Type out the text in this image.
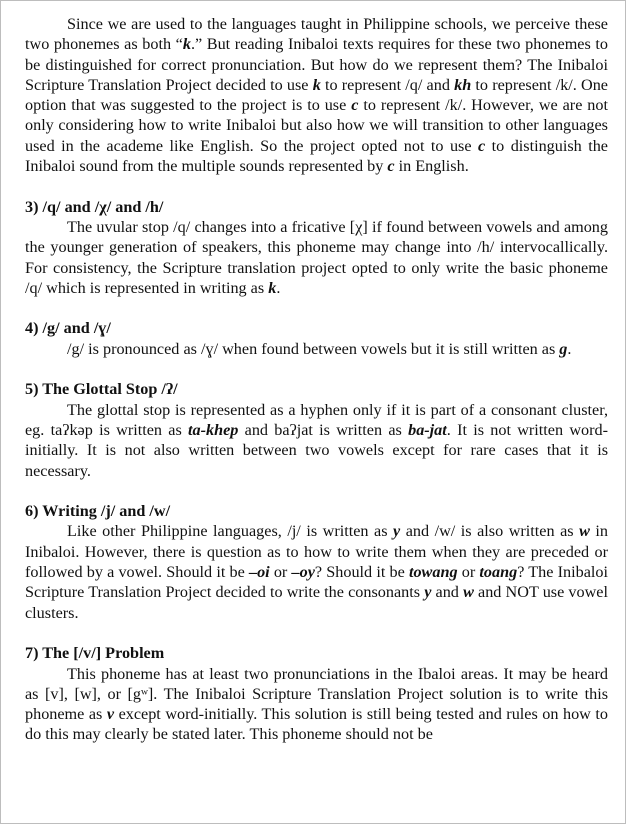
Since we are used to the languages taught in Philippine schools, we perceive these two phonemes as both “k.” But reading Inibaloi texts requires for these two phonemes to be distinguished for correct pronunciation. But how do we represent them? The Inibaloi Scripture Translation Project decided to use k to represent /q/ and kh to represent /k/. One option that was suggested to the project is to use c to represent /k/. However, we are not only considering how to write Inibaloi but also how we will transition to other languages used in the academe like English. So the project opted not to use c to distinguish the Inibaloi sound from the multiple sounds represented by c in English.

3) /q/ and /χ/ and /h/

The uvular stop /q/ changes into a fricative [χ] if found between vowels and among the younger generation of speakers, this phoneme may change into /h/ intervocallically. For consistency, the Scripture translation project opted to only write the basic phoneme /q/ which is represented in writing as k.

4) /g/ and /ɣ/

/g/ is pronounced as /ɣ/ when found between vowels but it is still written as g.

5) The Glottal Stop /ʔ/

The glottal stop is represented as a hyphen only if it is part of a consonant cluster, eg. taʔkəp is written as ta-khep and baʔjat is written as ba-jat. It is not written word-initially. It is not also written between two vowels except for rare cases that it is necessary.

6) Writing /j/ and /w/

Like other Philippine languages, /j/ is written as y and /w/ is also written as w in Inibaloi. However, there is question as to how to write them when they are preceded or followed by a vowel. Should it be –oi or –oy? Should it be towang or toang? The Inibaloi Scripture Translation Project decided to write the consonants y and w and NOT use vowel clusters.

7) The [/v/] Problem

This phoneme has at least two pronunciations in the Ibaloi areas. It may be heard as [v], [w], or [gʷ]. The Inibaloi Scripture Translation Project solution is to write this phoneme as v except word-initially. This solution is still being tested and rules on how to do this may clearly be stated later. This phoneme should not be
